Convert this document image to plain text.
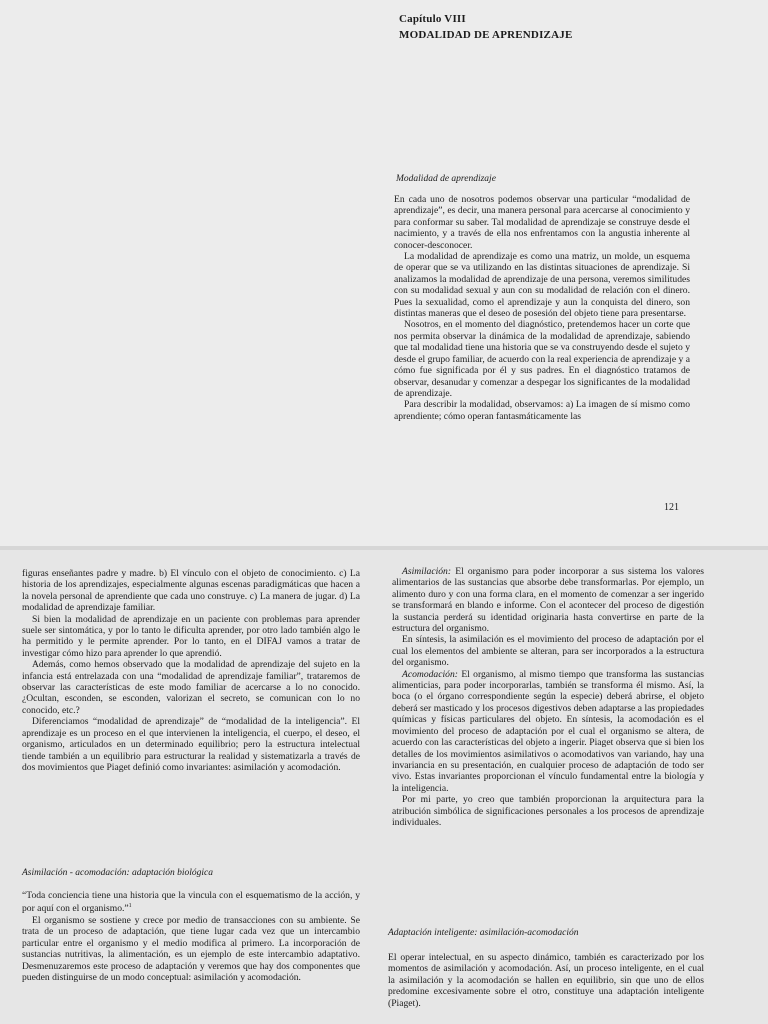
Capítulo VIII
MODALIDAD DE APRENDIZAJE
Modalidad de aprendizaje

En cada uno de nosotros podemos observar una particular “modalidad de aprendizaje”, es decir, una manera personal para acercarse al conocimiento y para conformar su saber. Tal modalidad de aprendizaje se construye desde el nacimiento, y a través de ella nos enfrentamos con la angustia inherente al conocer-desconocer.

La modalidad de aprendizaje es como una matriz, un molde, un esquema de operar que se va utilizando en las distintas situaciones de aprendizaje. Si analizamos la modalidad de aprendizaje de una persona, veremos similitudes con su modalidad sexual y aun con su modalidad de relación con el dinero. Pues la sexualidad, como el aprendizaje y aun la conquista del dinero, son distintas maneras que el deseo de posesión del objeto tiene para presentarse.

Nosotros, en el momento del diagnóstico, pretendemos hacer un corte que nos permita observar la dinámica de la modalidad de aprendizaje, sabiendo que tal modalidad tiene una historia que se va construyendo desde el sujeto y desde el grupo familiar, de acuerdo con la real experiencia de aprendizaje y a cómo fue significada por él y sus padres. En el diagnóstico tratamos de observar, desanudar y comenzar a despegar los significantes de la modalidad de aprendizaje.

Para describir la modalidad, observamos: a) La imagen de sí mismo como aprendiente; cómo operan fantasmáticamente las

121

figuras enseñantes padre y madre. b) El vínculo con el objeto de conocimiento. c) La historia de los aprendizajes, especialmente algunas escenas paradigmáticas que hacen a la novela personal de aprendiente que cada uno construye. c) La manera de jugar. d) La modalidad de aprendizaje familiar.

Si bien la modalidad de aprendizaje en un paciente con problemas para aprender suele ser sintomática, y por lo tanto le dificulta aprender, por otro lado también algo le ha permitido y le permite aprender. Por lo tanto, en el DIFAJ vamos a tratar de investigar cómo hizo para aprender lo que aprendió.

Además, como hemos observado que la modalidad de aprendizaje del sujeto en la infancia está entrelazada con una “modalidad de aprendizaje familiar”, trataremos de observar las características de este modo familiar de acercarse a lo no conocido. ¿Ocultan, esconden, se esconden, valorizan el secreto, se comunican con lo no conocido, etc.?

Diferenciamos “modalidad de aprendizaje” de “modalidad de la inteligencia”. El aprendizaje es un proceso en el que intervienen la inteligencia, el cuerpo, el deseo, el organismo, articulados en un determinado equilibrio; pero la estructura intelectual tiende también a un equilibrio para estructurar la realidad y sistematizarla a través de dos movimientos que Piaget definió como invariantes: asimilación y acomodación.

Asimilación - acomodación: adaptación biológica

“Toda conciencia tiene una historia que la vincula con el esquematismo de la acción, y por aquí con el organismo.”$^1$

El organismo se sostiene y crece por medio de transacciones con su ambiente. Se trata de un proceso de adaptación, que tiene lugar cada vez que un intercambio particular entre el organismo y el medio modifica al primero. La incorporación de sustancias nutritivas, la alimentación, es un ejemplo de este intercambio adaptativo. Desmenuzaremos este proceso de adaptación y veremos que hay dos componentes que pueden distinguirse de un modo conceptual: asimilación y acomodación.

Asimilación: El organismo para poder incorporar a sus sistema los valores alimentarios de las sustancias que absorbe debe transformarlas. Por ejemplo, un alimento duro y con una forma clara, en el momento de comenzar a ser ingerido se transformará en blando e informe. Con el acontecer del proceso de digestión la sustancia perderá su identidad originaria hasta convertirse en parte de la estructura del organismo.

En síntesis, la asimilación es el movimiento del proceso de adaptación por el cual los elementos del ambiente se alteran, para ser incorporados a la estructura del organismo.

Acomodación: El organismo, al mismo tiempo que transforma las sustancias alimenticias, para poder incorporarlas, también se transforma él mismo. Así, la boca (o el órgano correspondiente según la especie) deberá abrirse, el objeto deberá ser masticado y los procesos digestivos deben adaptarse a las propiedades químicas y físicas particulares del objeto. En síntesis, la acomodación es el movimiento del proceso de adaptación por el cual el organismo se altera, de acuerdo con las características del objeto a ingerir. Piaget observa que si bien los detalles de los movimientos asimilativos o acomodativos van variando, hay una invariancia en su presentación, en cualquier proceso de adaptación de todo ser vivo. Estas invariantes proporcionan el vínculo fundamental entre la biología y la inteligencia.

Por mi parte, yo creo que también proporcionan la arquitectura para la atribución simbólica de significaciones personales a los procesos de aprendizaje individuales.

Adaptación inteligente: asimilación-acomodación

El operar intelectual, en su aspecto dinámico, también es caracterizado por los momentos de asimilación y acomodación. Así, un proceso inteligente, en el cual la asimilación y la acomodación se hallen en equilibrio, sin que uno de ellos predomine excesivamente sobre el otro, constituye una adaptación inteligente (Piaget).
